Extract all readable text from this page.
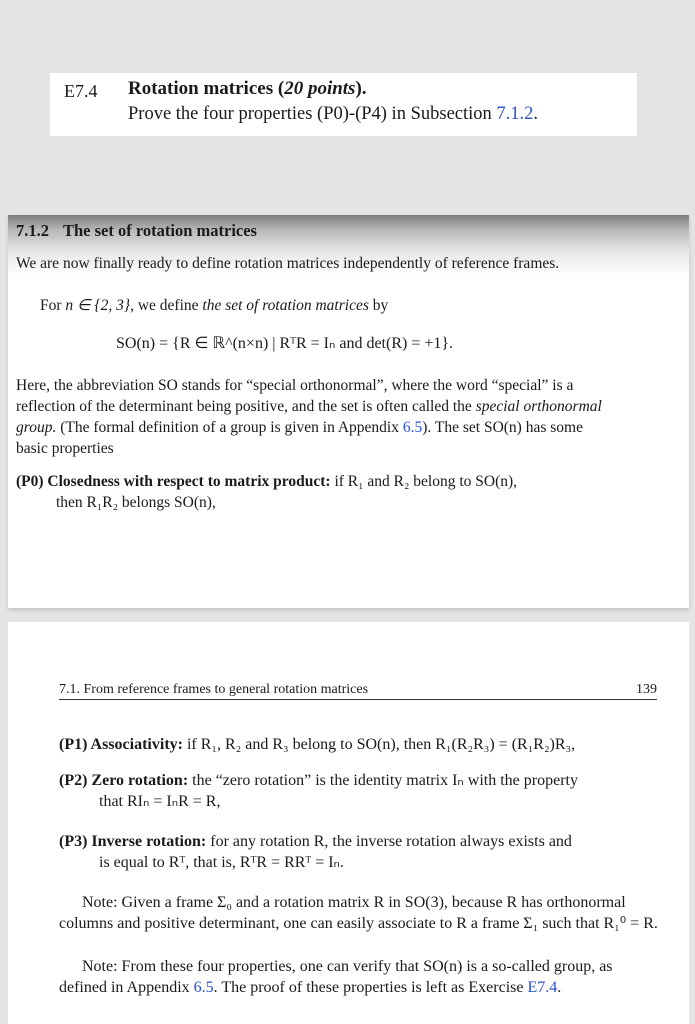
E7.4 Rotation matrices (20 points).
Prove the four properties (P0)-(P4) in Subsection 7.1.2.
7.1.2 The set of rotation matrices
We are now finally ready to define rotation matrices independently of reference frames.
For n ∈ {2, 3}, we define the set of rotation matrices by
SO(n) = {R ∈ ℝ^(n×n) | RᵀR = Iₙ and det(R) = +1}.
Here, the abbreviation SO stands for “special orthonormal”, where the word “special” is a reflection of the determinant being positive, and the set is often called the special orthonormal group. (The formal definition of a group is given in Appendix 6.5). The set SO(n) has some basic properties
(P0) Closedness with respect to matrix product: if R₁ and R₂ belong to SO(n),
then R₁R₂ belongs SO(n),
7.1. From reference frames to general rotation matrices	139
(P1) Associativity: if R₁, R₂ and R₃ belong to SO(n), then R₁(R₂R₃) = (R₁R₂)R₃,
(P2) Zero rotation: the “zero rotation” is the identity matrix Iₙ with the property
that RIₙ = IₙR = R,
(P3) Inverse rotation: for any rotation R, the inverse rotation always exists and
is equal to Rᵀ, that is, RᵀR = RRᵀ = Iₙ.
Note: Given a frame Σ₀ and a rotation matrix R in SO(3), because R has orthonormal columns and positive determinant, one can easily associate to R a frame Σ₁ such that R₁⁰ = R.
Note: From these four properties, one can verify that SO(n) is a so-called group, as defined in Appendix 6.5. The proof of these properties is left as Exercise E7.4.
